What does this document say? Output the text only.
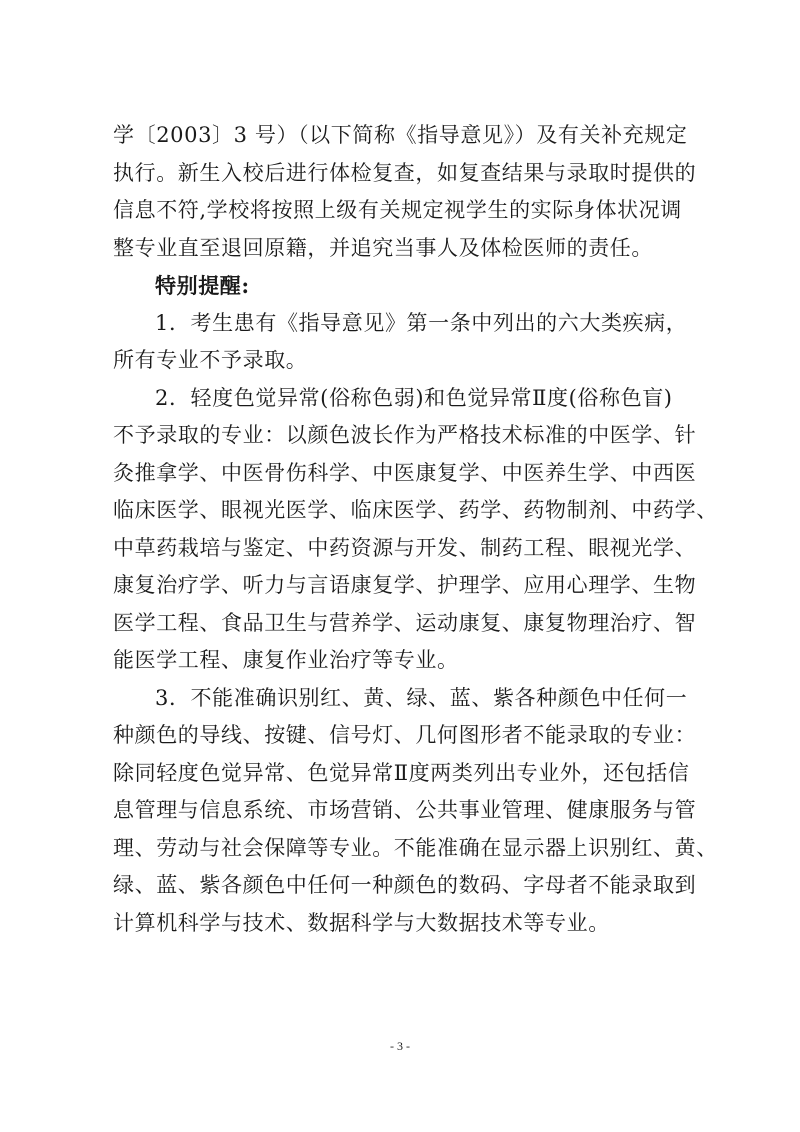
学〔2003〕3 号）（以下简称《指导意见》）及有关补充规定
执行。新生入校后进行体检复查，如复查结果与录取时提供的
信息不符,学校将按照上级有关规定视学生的实际身体状况调
整专业直至退回原籍，并追究当事人及体检医师的责任。
特别提醒:
1．考生患有《指导意见》第一条中列出的六大类疾病，
所有专业不予录取。
2．轻度色觉异常(俗称色弱)和色觉异常Ⅱ度(俗称色盲)
不予录取的专业：以颜色波长作为严格技术标准的中医学、针
灸推拿学、中医骨伤科学、中医康复学、中医养生学、中西医
临床医学、眼视光医学、临床医学、药学、药物制剂、中药学、
中草药栽培与鉴定、中药资源与开发、制药工程、眼视光学、
康复治疗学、听力与言语康复学、护理学、应用心理学、生物
医学工程、食品卫生与营养学、运动康复、康复物理治疗、智
能医学工程、康复作业治疗等专业。
3．不能准确识别红、黄、绿、蓝、紫各种颜色中任何一
种颜色的导线、按键、信号灯、几何图形者不能录取的专业：
除同轻度色觉异常、色觉异常Ⅱ度两类列出专业外，还包括信
息管理与信息系统、市场营销、公共事业管理、健康服务与管
理、劳动与社会保障等专业。不能准确在显示器上识别红、黄、
绿、蓝、紫各颜色中任何一种颜色的数码、字母者不能录取到
计算机科学与技术、数据科学与大数据技术等专业。
- 3 -
